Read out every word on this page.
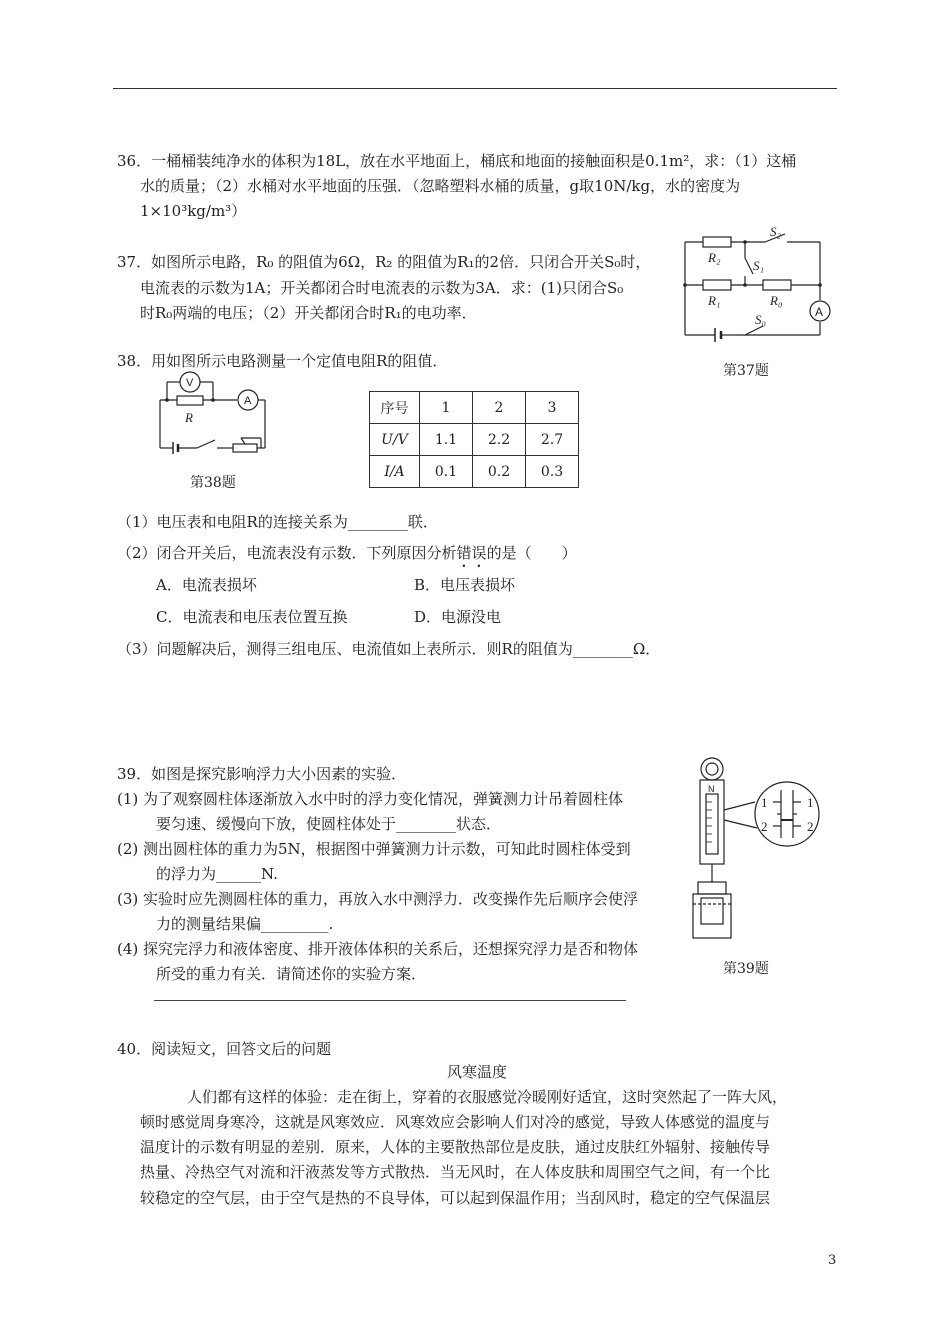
36．一桶桶装纯净水的体积为18L，放在水平地面上，桶底和地面的接触面积是0.1m²，求：（1）这桶
水的质量；（2）水桶对水平地面的压强．（忽略塑料水桶的质量，g取10N/kg，水的密度为
1×10³kg/m³）
37．如图所示电路，R₀ 的阻值为6Ω，R₂ 的阻值为R₁的2倍．只闭合开关S₀时，
电流表的示数为1A；开关都闭合时电流表的示数为3A．求：(1)只闭合S₀
时R₀两端的电压；（2）开关都闭合时R₁的电功率．
R₂
S₂
S₁
R₁	R₀
S₀	A
第37题
38．用如图所示电路测量一个定值电阻R的阻值．
V
A
R
第38题
序号	1	2	3
U/V	1.1	2.2	2.7
I/A	0.1	0.2	0.3
（1）电压表和电阻R的连接关系为________联．
（2）闭合开关后，电流表没有示数．下列原因分析错误的是（　　）
A．电流表损坏	B．电压表损坏
C．电流表和电压表位置互换	D．电源没电
（3）问题解决后，测得三组电压、电流值如上表所示．则R的阻值为________Ω．
39．如图是探究影响浮力大小因素的实验．
(1) 为了观察圆柱体逐渐放入水中时的浮力变化情况，弹簧测力计吊着圆柱体
要匀速、缓慢向下放，使圆柱体处于________状态．
(2) 测出圆柱体的重力为5N，根据图中弹簧测力计示数，可知此时圆柱体受到
的浮力为______N.
(3) 实验时应先测圆柱体的重力，再放入水中测浮力．改变操作先后顺序会使浮
力的测量结果偏_________.
(4) 探究完浮力和液体密度、排开液体体积的关系后，还想探究浮力是否和物体
所受的重力有关．请简述你的实验方案．
N
1	1
2	2
第39题
40．阅读短文，回答文后的问题
风寒温度
人们都有这样的体验：走在街上，穿着的衣服感觉冷暖刚好适宜，这时突然起了一阵大风，
顿时感觉周身寒冷，这就是风寒效应．风寒效应会影响人们对冷的感觉，导致人体感觉的温度与
温度计的示数有明显的差别．原来，人体的主要散热部位是皮肤，通过皮肤红外辐射、接触传导
热量、冷热空气对流和汗液蒸发等方式散热．当无风时，在人体皮肤和周围空气之间，有一个比
较稳定的空气层，由于空气是热的不良导体，可以起到保温作用；当刮风时，稳定的空气保温层
3
